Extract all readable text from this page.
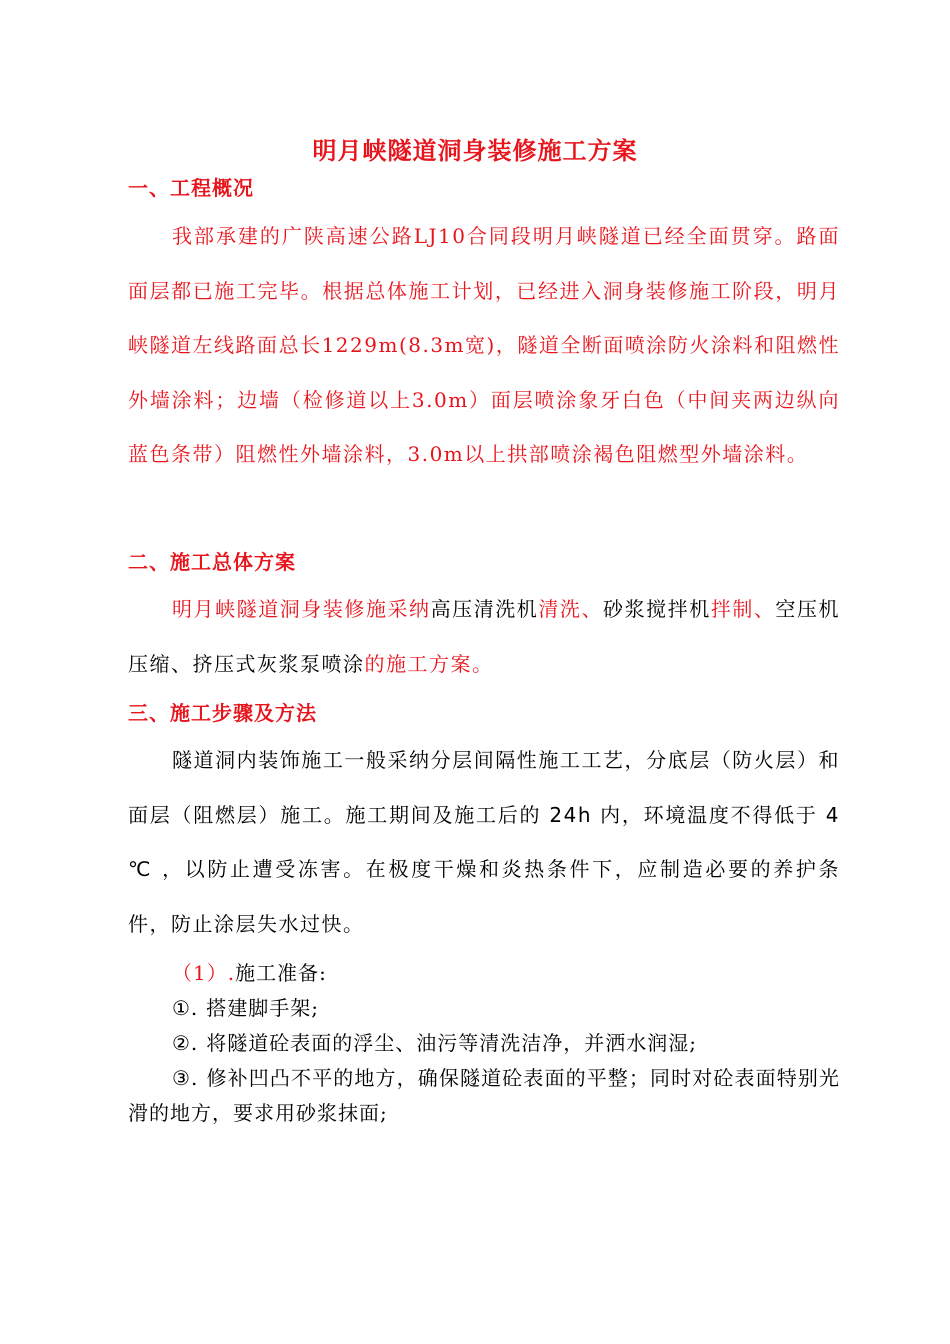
明月峡隧道洞身装修施工方案
一、工程概况
我部承建的广陕高速公路LJ10合同段明月峡隧道已经全面贯穿。路面面层都已施工完毕。根据总体施工计划，已经进入洞身装修施工阶段，明月峡隧道左线路面总长1229m(8.3m宽)，隧道全断面喷涂防火涂料和阻燃性外墙涂料；边墙（检修道以上3.0m）面层喷涂象牙白色（中间夹两边纵向蓝色条带）阻燃性外墙涂料，3.0m以上拱部喷涂褐色阻燃型外墙涂料。
二、施工总体方案
明月峡隧道洞身装修施采纳高压清洗机清洗、砂浆搅拌机拌制、空压机压缩、挤压式灰浆泵喷涂的施工方案。
三、施工步骤及方法
隧道洞内装饰施工一般采纳分层间隔性施工工艺，分底层（防火层）和面层（阻燃层）施工。施工期间及施工后的 24h 内，环境温度不得低于 4 ℃ ，以防止遭受冻害。在极度干燥和炎热条件下，应制造必要的养护条件，防止涂层失水过快。
（1）.施工准备:
①. 搭建脚手架;
②. 将隧道砼表面的浮尘、油污等清洗洁净，并洒水润湿;
③. 修补凹凸不平的地方，确保隧道砼表面的平整；同时对砼表面特别光滑的地方，要求用砂浆抹面;
